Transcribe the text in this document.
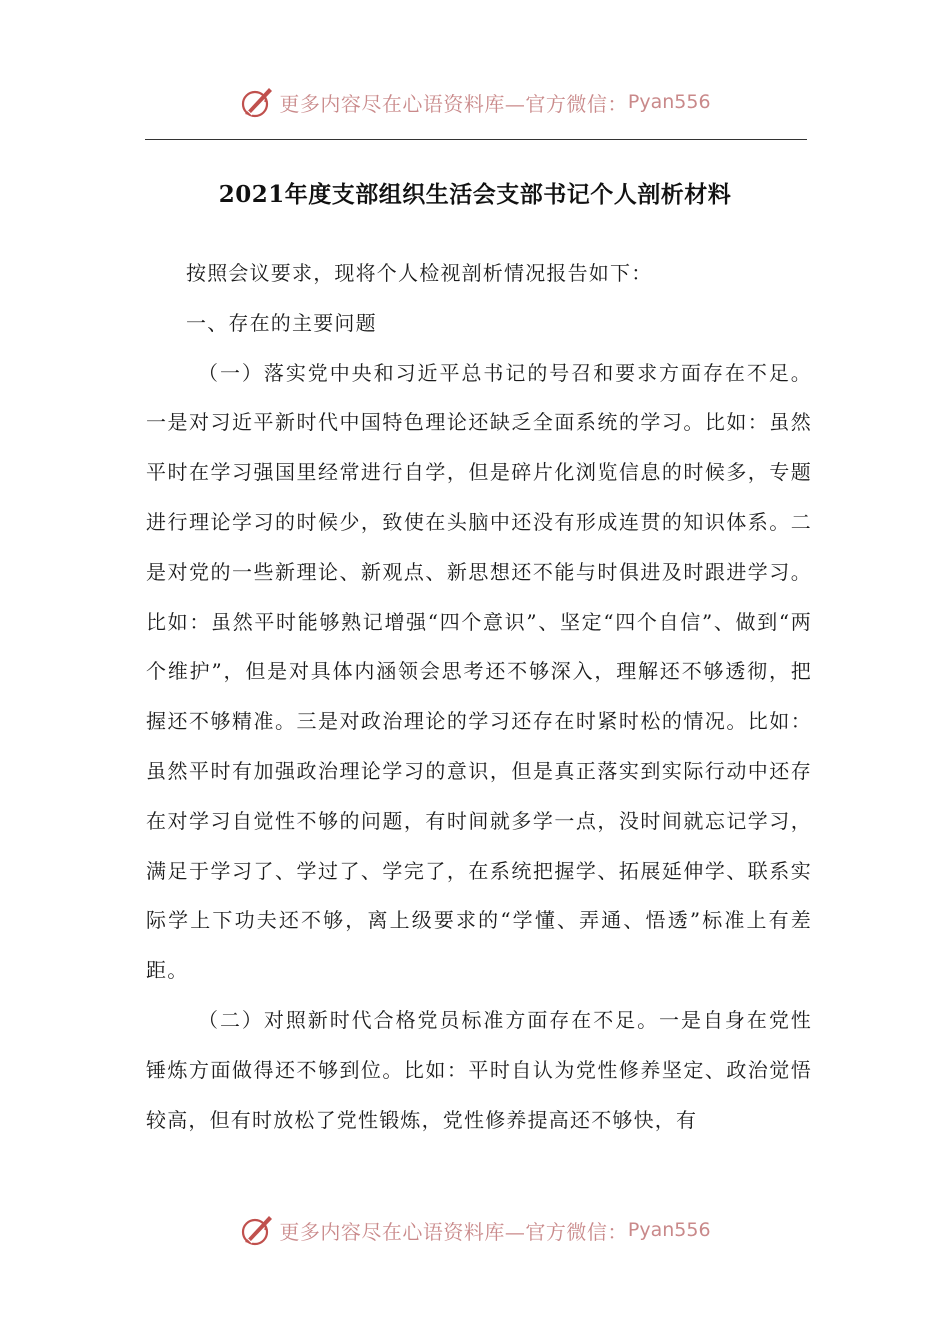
更多内容尽在心语资料库—官方微信： Pyan556
2021年度支部组织生活会支部书记个人剖析材料

按照会议要求，现将个人检视剖析情况报告如下：

一、存在的主要问题

（一）落实党中央和习近平总书记的号召和要求方面存在不足。一是对习近平新时代中国特色理论还缺乏全面系统的学习。比如：虽然平时在学习强国里经常进行自学，但是碎片化浏览信息的时候多，专题进行理论学习的时候少，致使在头脑中还没有形成连贯的知识体系。二是对党的一些新理论、新观点、新思想还不能与时俱进及时跟进学习。比如：虽然平时能够熟记增强“四个意识”、坚定“四个自信”、做到“两个维护”，但是对具体内涵领会思考还不够深入，理解还不够透彻，把握还不够精准。三是对政治理论的学习还存在时紧时松的情况。比如：虽然平时有加强政治理论学习的意识，但是真正落实到实际行动中还存在对学习自觉性不够的问题，有时间就多学一点，没时间就忘记学习，满足于学习了、学过了、学完了，在系统把握学、拓展延伸学、联系实际学上下功夫还不够，离上级要求的“学懂、弄通、悟透”标准上有差距。

（二）对照新时代合格党员标准方面存在不足。一是自身在党性锤炼方面做得还不够到位。比如：平时自认为党性修养坚定、政治觉悟较高，但有时放松了党性锻炼，党性修养提高还不够快，有

更多内容尽在心语资料库—官方微信： Pyan556
